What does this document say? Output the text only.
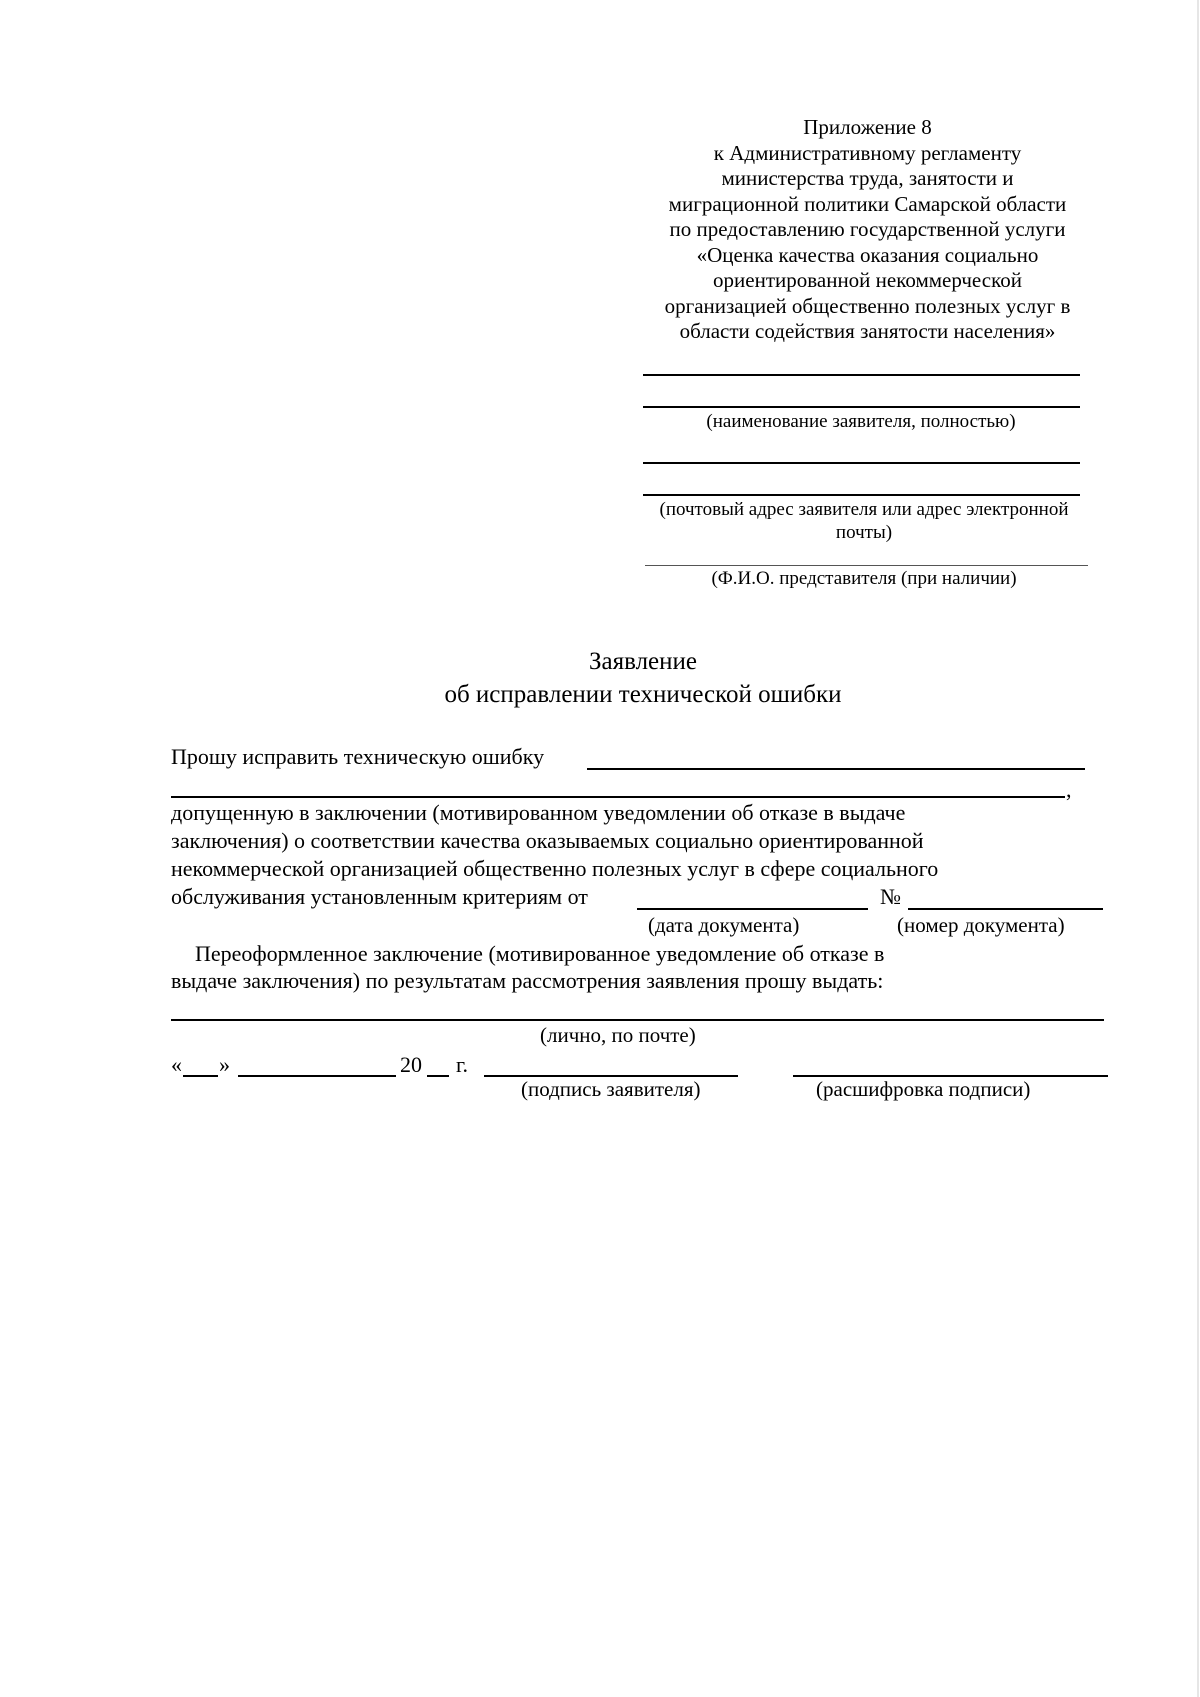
Приложение 8
к Административному регламенту
министерства труда, занятости и
миграционной политики Самарской области
по предоставлению государственной услуги
«Оценка качества оказания социально
ориентированной некоммерческой
организацией общественно полезных услуг в
области содействия занятости населения»
(наименование заявителя, полностью)
(почтовый адрес заявителя или адрес электронной
почты)
(Ф.И.О. представителя (при наличии)
Заявление
об исправлении технической ошибки
Прошу исправить техническую ошибку
,
допущенную в заключении (мотивированном уведомлении об отказе в выдаче
заключения) о соответствии качества оказываемых социально ориентированной
некоммерческой организацией общественно полезных услуг в сфере социального
обслуживания установленным критериям от	№
(дата документа)	(номер документа)
Переоформленное заключение (мотивированное уведомление об отказе в
выдаче заключения) по результатам рассмотрения заявления прошу выдать:
(лично, по почте)
« »	20 г.
(подпись заявителя)	(расшифровка подписи)
